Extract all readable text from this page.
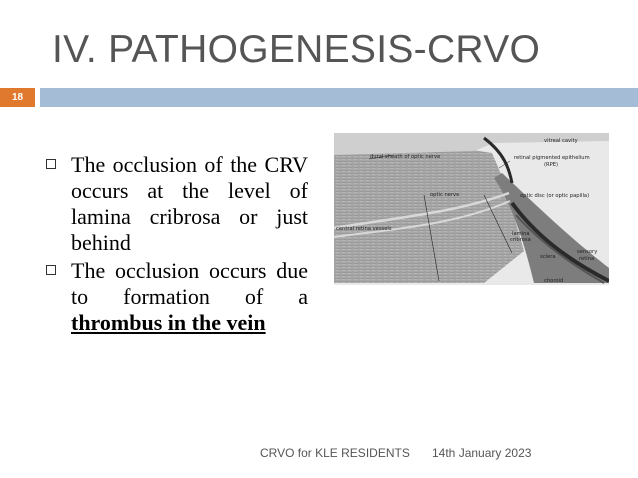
IV. PATHOGENESIS-CRVO
18
The occlusion of the CRV occurs at the level of lamina cribrosa or just behind
The occlusion occurs due to formation of a thrombus in the vein
vitreal cavity
dural sheath of optic nerve	retinal pigmented epithelium
(RPE)
optic nerve	optic disc (or optic papilla)
central retina vessels
lamina
cribrosa
sensory
retina
sclera
choroid
CRVO for KLE RESIDENTS 14th January 2023
